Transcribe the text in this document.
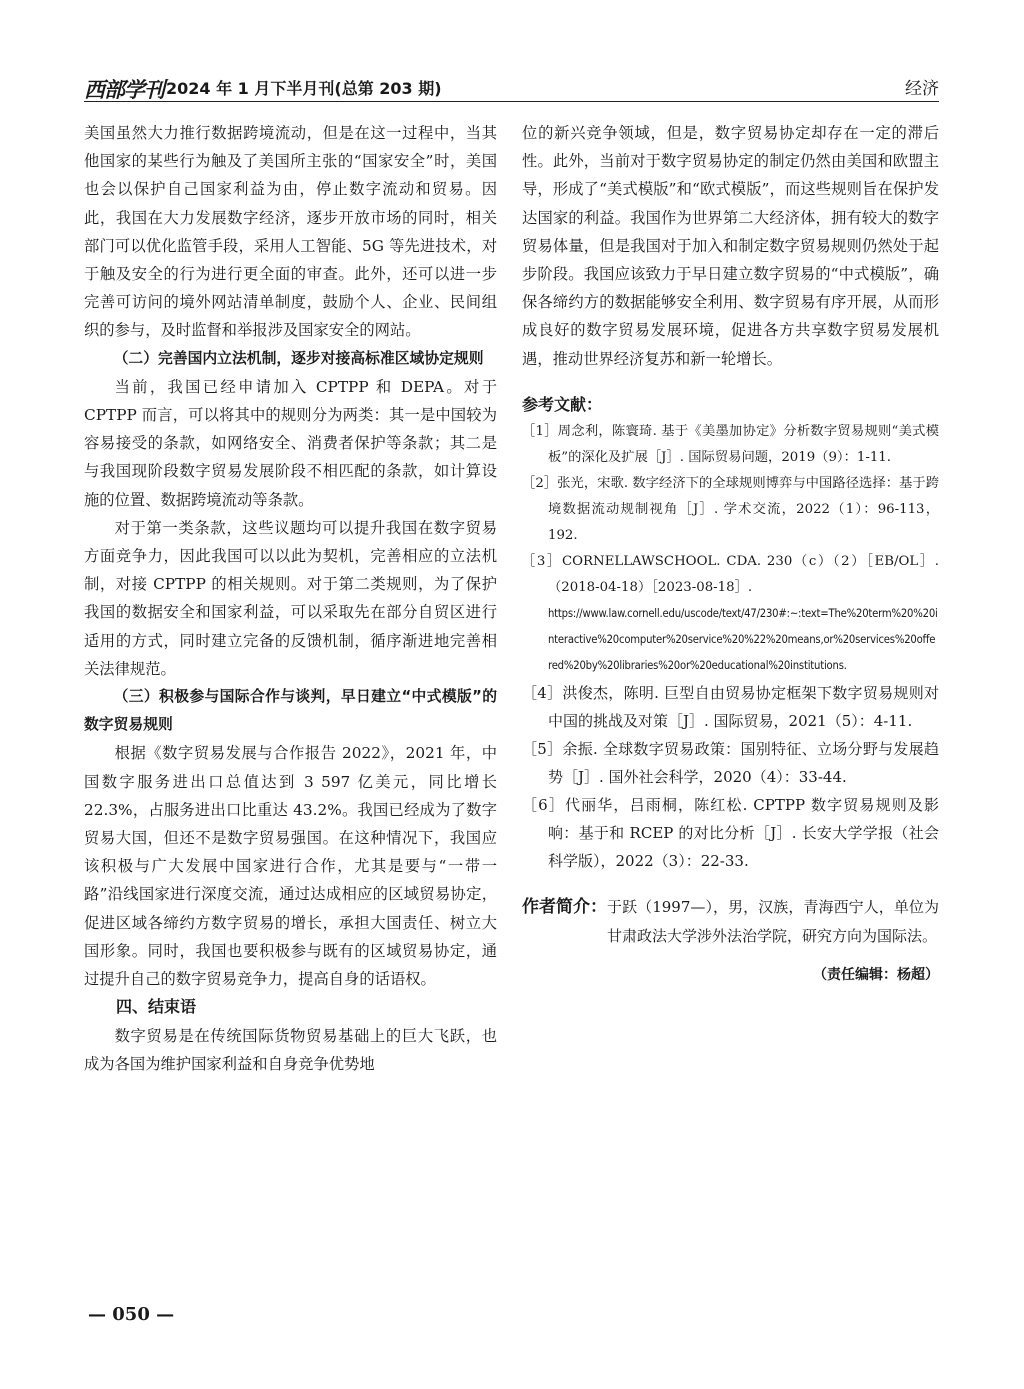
西部学刊 2024 年 1 月下半月刊(总第 203 期)	经济

美国虽然大力推行数据跨境流动，但是在这一过程中，当其他国家的某些行为触及了美国所主张的“国家安全”时，美国也会以保护自己国家利益为由，停止数字流动和贸易。因此，我国在大力发展数字经济，逐步开放市场的同时，相关部门可以优化监管手段，采用人工智能、5G 等先进技术，对于触及安全的行为进行更全面的审查。此外，还可以进一步完善可访问的境外网站清单制度，鼓励个人、企业、民间组织的参与，及时监督和举报涉及国家安全的网站。

（二）完善国内立法机制，逐步对接高标准区域协定规则

当前，我国已经申请加入 CPTPP 和 DEPA。对于 CPTPP 而言，可以将其中的规则分为两类：其一是中国较为容易接受的条款，如网络安全、消费者保护等条款；其二是与我国现阶段数字贸易发展阶段不相匹配的条款，如计算设施的位置、数据跨境流动等条款。

对于第一类条款，这些议题均可以提升我国在数字贸易方面竞争力，因此我国可以以此为契机，完善相应的立法机制，对接 CPTPP 的相关规则。对于第二类规则，为了保护我国的数据安全和国家利益，可以采取先在部分自贸区进行适用的方式，同时建立完备的反馈机制，循序渐进地完善相关法律规范。

（三）积极参与国际合作与谈判，早日建立“中式模版”的数字贸易规则

根据《数字贸易发展与合作报告 2022》，2021 年，中国数字服务进出口总值达到 3 597 亿美元，同比增长 22.3%，占服务进出口比重达 43.2%。我国已经成为了数字贸易大国，但还不是数字贸易强国。在这种情况下，我国应该积极与广大发展中国家进行合作，尤其是要与“一带一路”沿线国家进行深度交流，通过达成相应的区域贸易协定，促进区域各缔约方数字贸易的增长，承担大国责任、树立大国形象。同时，我国也要积极参与既有的区域贸易协定，通过提升自己的数字贸易竞争力，提高自身的话语权。

四、结束语

数字贸易是在传统国际货物贸易基础上的巨大飞跃，也成为各国为维护国家利益和自身竞争优势地

位的新兴竞争领域，但是，数字贸易协定却存在一定的滞后性。此外，当前对于数字贸易协定的制定仍然由美国和欧盟主导，形成了“美式模版”和“欧式模版”，而这些规则旨在保护发达国家的利益。我国作为世界第二大经济体，拥有较大的数字贸易体量，但是我国对于加入和制定数字贸易规则仍然处于起步阶段。我国应该致力于早日建立数字贸易的“中式模版”，确保各缔约方的数据能够安全利用、数字贸易有序开展，从而形成良好的数字贸易发展环境，促进各方共享数字贸易发展机遇，推动世界经济复苏和新一轮增长。

参考文献：
［1］周念利，陈寰琦. 基于《美墨加协定》分析数字贸易规则“美式模板”的深化及扩展［J］. 国际贸易问题，2019（9）：1-11.
［2］张光，宋歌. 数字经济下的全球规则博弈与中国路径选择：基于跨境数据流动规制视角［J］. 学术交流，2022（1）：96-113，192.
［3］CORNELLAWSCHOOL. CDA. 230（c）（2）［EB/OL］.（2018-04-18）［2023-08-18］.
https://www.law.cornell.edu/uscode/text/47/230#:~:text=The%20term%20%20interactive%20computer%20service%20%22%20means,or%20services%20offered%20by%20libraries%20or%20educational%20institutions.
［4］洪俊杰，陈明. 巨型自由贸易协定框架下数字贸易规则对中国的挑战及对策［J］. 国际贸易，2021（5）：4-11.
［5］余振. 全球数字贸易政策：国别特征、立场分野与发展趋势［J］. 国外社会科学，2020（4）：33-44.
［6］代丽华，吕雨桐，陈红松. CPTPP 数字贸易规则及影响：基于和 RCEP 的对比分析［J］. 长安大学学报（社会科学版），2022（3）：22-33.
作者简介： 于跃（1997—），男，汉族，青海西宁人，单位为甘肃政法大学涉外法治学院，研究方向为国际法。
（责任编辑：杨超）
— 050 —
